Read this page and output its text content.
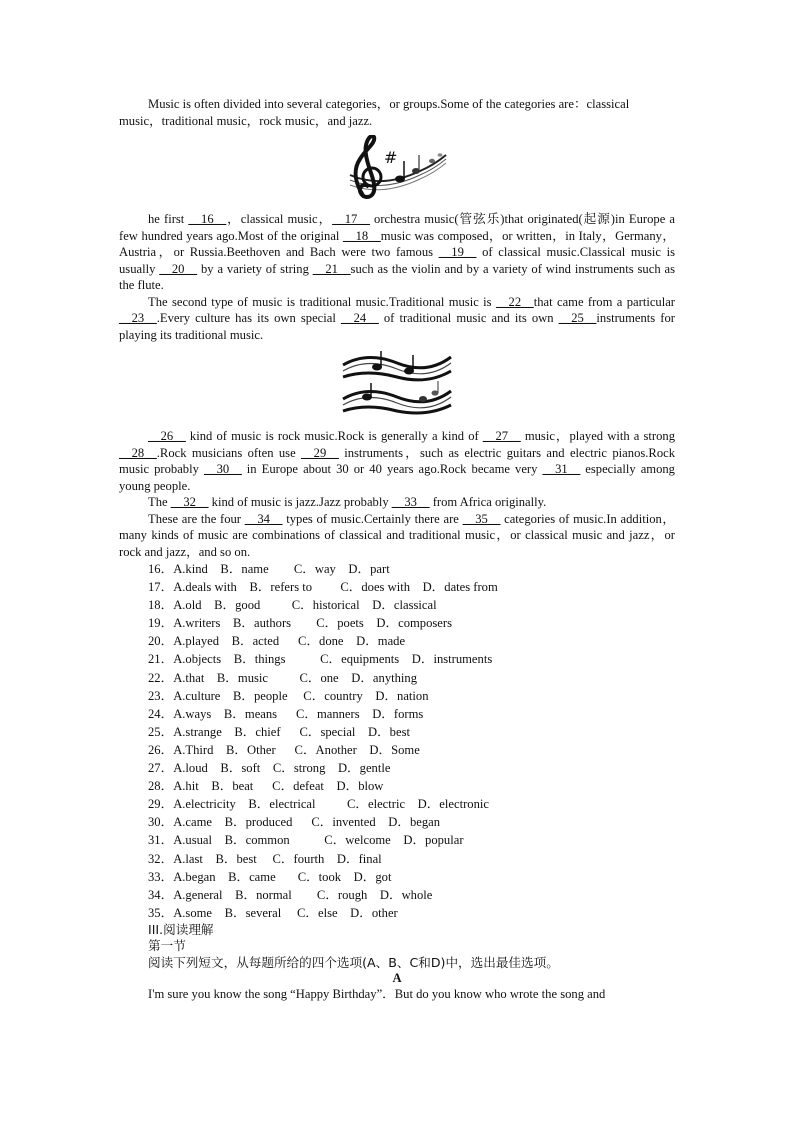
Music is often divided into several categories，or groups.Some of the categories are：classical
music，traditional music，rock music，and jazz.

#

he first __16__，classical music，__17__ orchestra music(管弦乐)that originated(起源)in Europe a few hundred years ago.Most of the original __18__music was composed，or written，in Italy，Germany，Austria，or Russia.Beethoven and Bach were two famous __19__ of classical music.Classical music is usually __20__ by a variety of string __21__such as the violin and by a variety of wind instruments such as the flute.

The second type of music is traditional music.Traditional music is __22__that came from a particular __23__.Every culture has its own special __24__ of traditional music and its own __25__instruments for playing its traditional music.

__26__ kind of music is rock music.Rock is generally a kind of __27__ music，played with a strong __28__.Rock musicians often use __29__ instruments，such as electric guitars and electric pianos.Rock music probably __30__ in Europe about 30 or 40 years ago.Rock became very __31__ especially among young people.

The __32__ kind of music is jazz.Jazz probably __33__ from Africa originally.

These are the four __34__ types of music.Certainly there are __35__ categories of music.In addition，many kinds of music are combinations of classical and traditional music，or classical music and jazz，or rock and jazz，and so on.

16．A.kind    B．name        C．way    D．part
17．A.deals with    B．refers to         C．does with    D．dates from
18．A.old    B．good          C．historical    D．classical
19．A.writers    B．authors        C．poets    D．composers
20．A.played    B．acted      C．done    D．made
21．A.objects    B．things           C．equipments    D．instruments
22．A.that    B．music          C．one    D．anything
23．A.culture    B．people     C．country    D．nation
24．A.ways    B．means      C．manners    D．forms
25．A.strange    B．chief      C．special    D．best
26．A.Third    B．Other      C．Another    D．Some
27．A.loud    B．soft    C．strong    D．gentle
28．A.hit    B．beat      C．defeat    D．blow
29．A.electricity    B．electrical          C．electric    D．electronic
30．A.came    B．produced      C．invented    D．began
31．A.usual    B．common           C．welcome    D．popular
32．A.last    B．best     C．fourth    D．final
33．A.began    B．came       C．took    D．got
34．A.general    B．normal        C．rough    D．whole
35．A.some    B．several     C．else    D．other
III.阅读理解
第一节
阅读下列短文，从每题所给的四个选项(A、B、C和D)中，选出最佳选项。
A

I'm sure you know the song “Happy Birthday”．But do you know who wrote the song and
